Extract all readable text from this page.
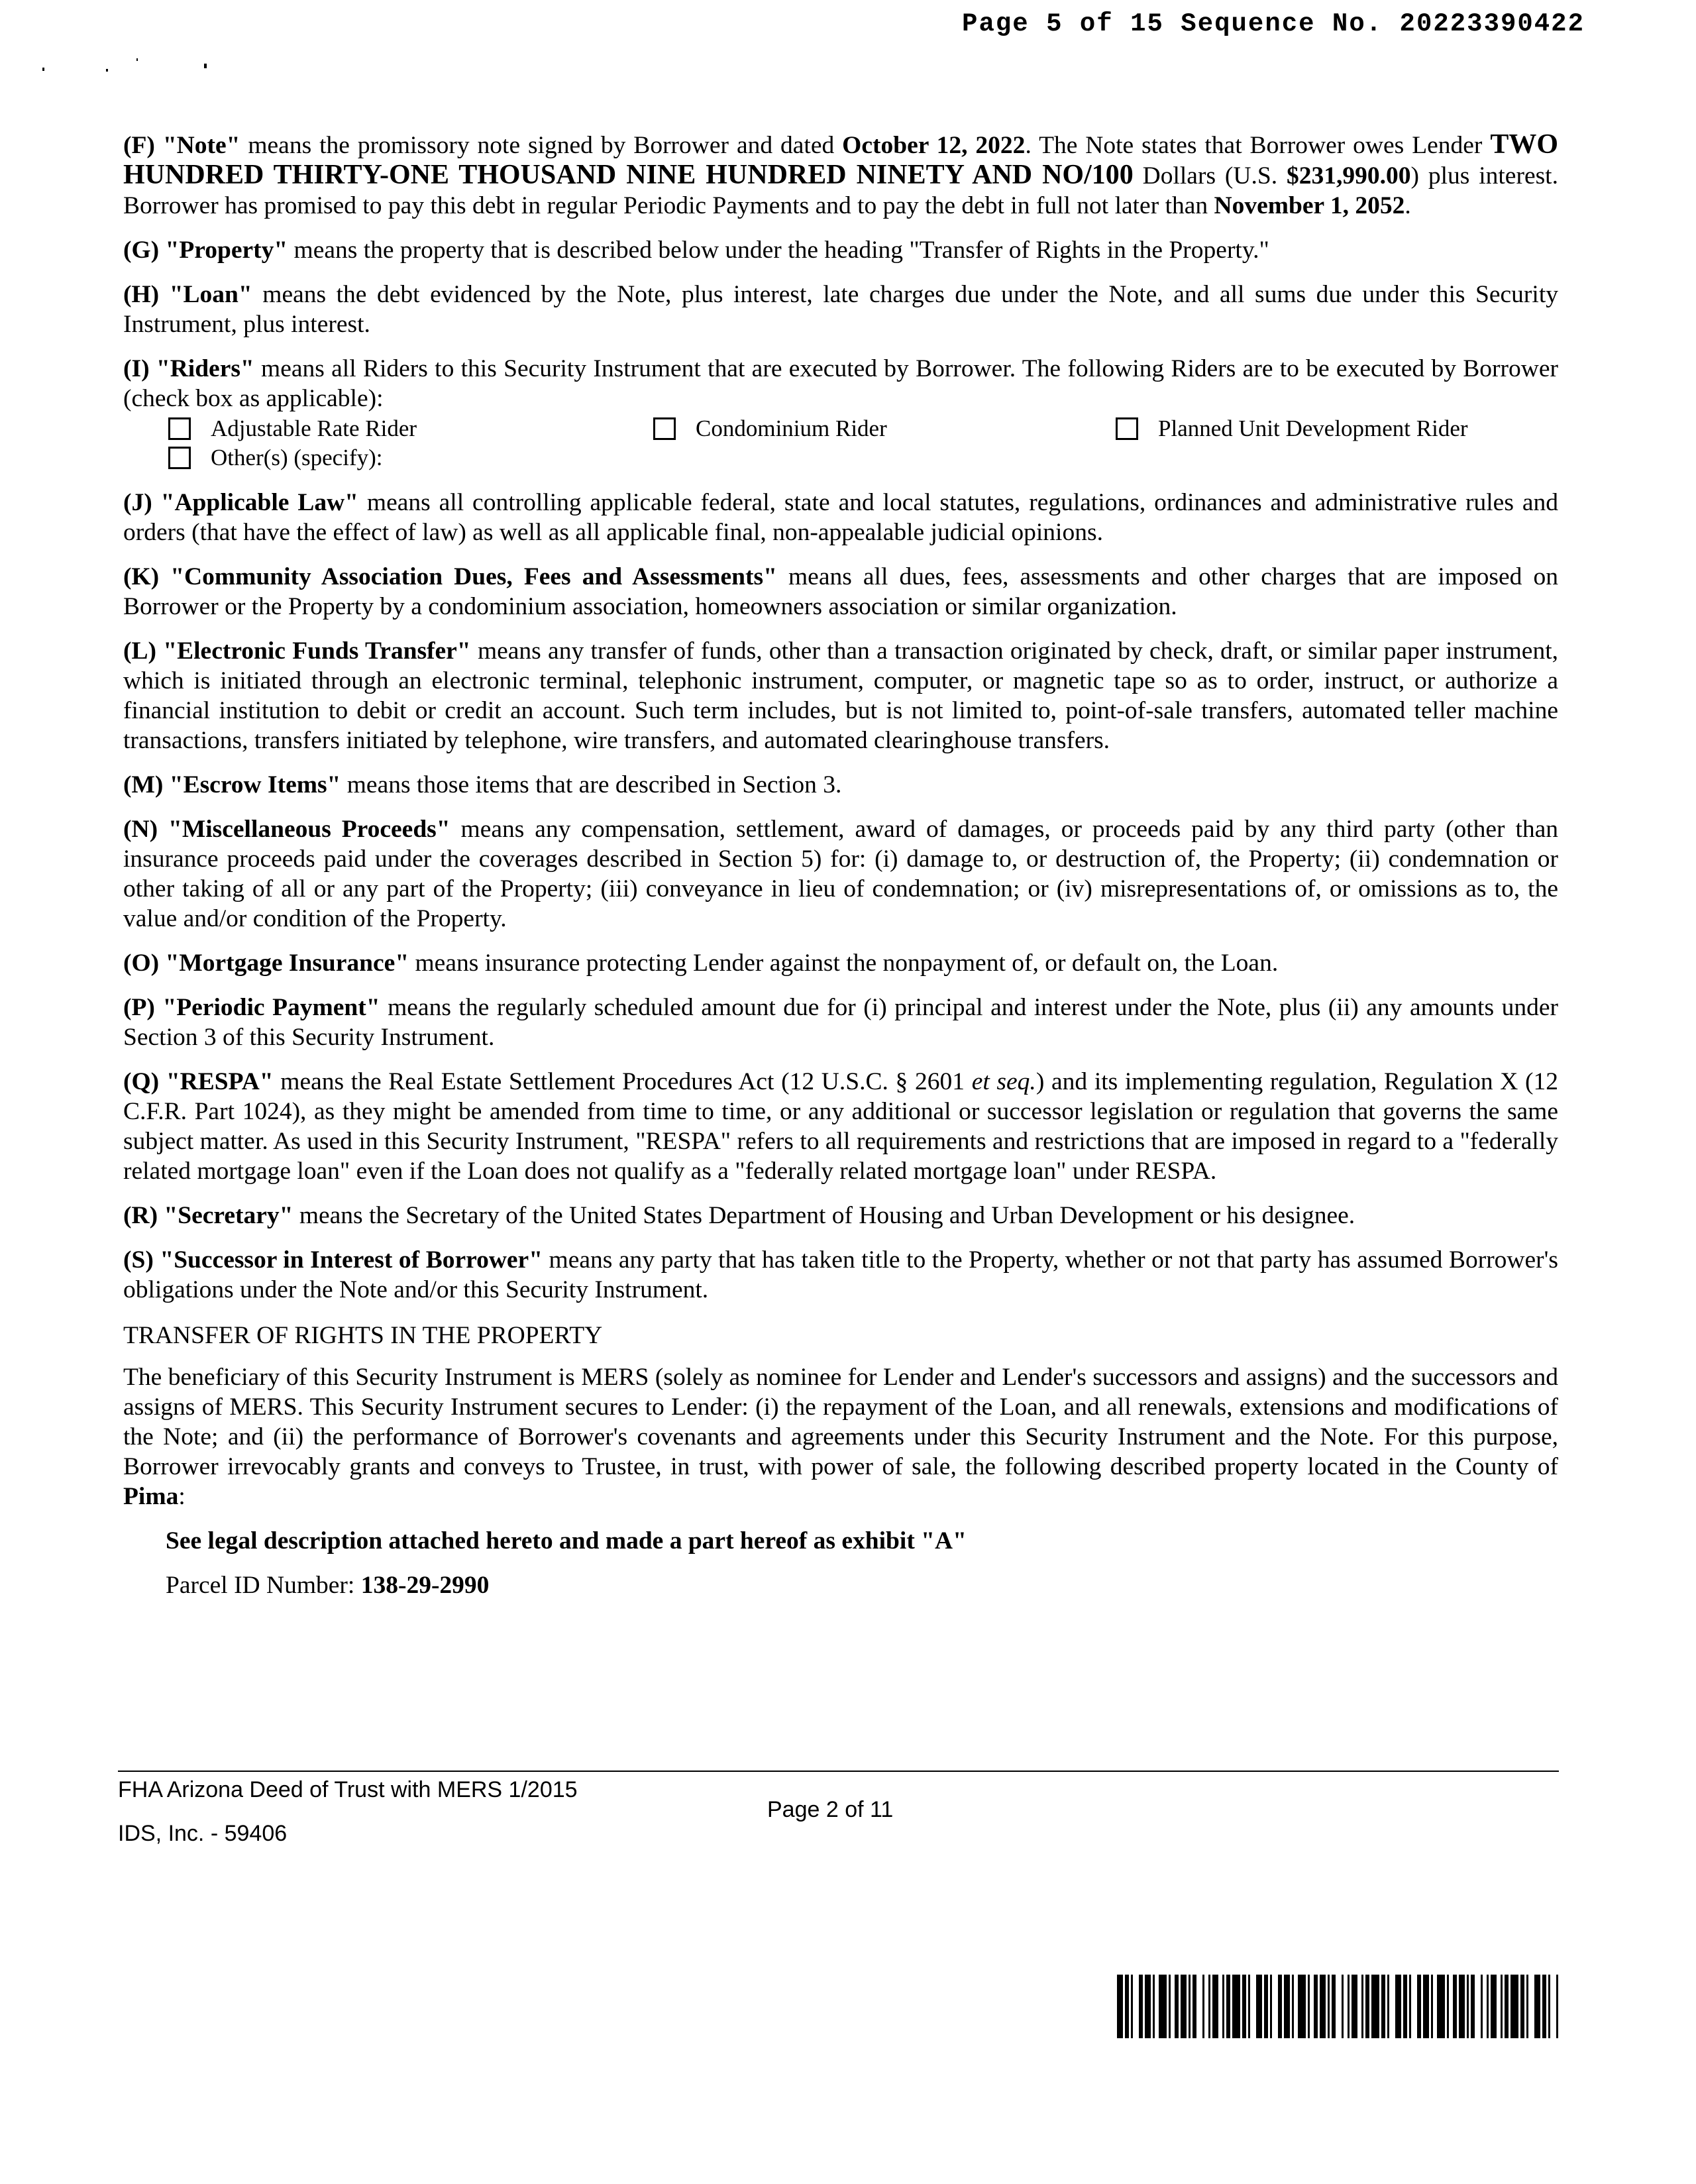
Page 5 of 15 Sequence No. 20223390422

(F) "Note" means the promissory note signed by Borrower and dated October 12, 2022. The Note states that Borrower owes Lender TWO HUNDRED THIRTY-ONE THOUSAND NINE HUNDRED NINETY AND NO/100 Dollars (U.S. $231,990.00) plus interest. Borrower has promised to pay this debt in regular Periodic Payments and to pay the debt in full not later than November 1, 2052.

(G) "Property" means the property that is described below under the heading "Transfer of Rights in the Property."

(H) "Loan" means the debt evidenced by the Note, plus interest, late charges due under the Note, and all sums due under this Security Instrument, plus interest.

(I) "Riders" means all Riders to this Security Instrument that are executed by Borrower. The following Riders are to be executed by Borrower (check box as applicable):

Adjustable Rate Rider	Condominium Rider	Planned Unit Development Rider
Other(s) (specify):

(J) "Applicable Law" means all controlling applicable federal, state and local statutes, regulations, ordinances and administrative rules and orders (that have the effect of law) as well as all applicable final, non-appealable judicial opinions.

(K) "Community Association Dues, Fees and Assessments" means all dues, fees, assessments and other charges that are imposed on Borrower or the Property by a condominium association, homeowners association or similar organization.

(L) "Electronic Funds Transfer" means any transfer of funds, other than a transaction originated by check, draft, or similar paper instrument, which is initiated through an electronic terminal, telephonic instrument, computer, or magnetic tape so as to order, instruct, or authorize a financial institution to debit or credit an account. Such term includes, but is not limited to, point-of-sale transfers, automated teller machine transactions, transfers initiated by telephone, wire transfers, and automated clearinghouse transfers.

(M) "Escrow Items" means those items that are described in Section 3.

(N) "Miscellaneous Proceeds" means any compensation, settlement, award of damages, or proceeds paid by any third party (other than insurance proceeds paid under the coverages described in Section 5) for: (i) damage to, or destruction of, the Property; (ii) condemnation or other taking of all or any part of the Property; (iii) conveyance in lieu of condemnation; or (iv) misrepresentations of, or omissions as to, the value and/or condition of the Property.

(O) "Mortgage Insurance" means insurance protecting Lender against the nonpayment of, or default on, the Loan.

(P) "Periodic Payment" means the regularly scheduled amount due for (i) principal and interest under the Note, plus (ii) any amounts under Section 3 of this Security Instrument.

(Q) "RESPA" means the Real Estate Settlement Procedures Act (12 U.S.C. § 2601 et seq.) and its implementing regulation, Regulation X (12 C.F.R. Part 1024), as they might be amended from time to time, or any additional or successor legislation or regulation that governs the same subject matter. As used in this Security Instrument, "RESPA" refers to all requirements and restrictions that are imposed in regard to a "federally related mortgage loan" even if the Loan does not qualify as a "federally related mortgage loan" under RESPA.

(R) "Secretary" means the Secretary of the United States Department of Housing and Urban Development or his designee.

(S) "Successor in Interest of Borrower" means any party that has taken title to the Property, whether or not that party has assumed Borrower's obligations under the Note and/or this Security Instrument.

TRANSFER OF RIGHTS IN THE PROPERTY

The beneficiary of this Security Instrument is MERS (solely as nominee for Lender and Lender's successors and assigns) and the successors and assigns of MERS. This Security Instrument secures to Lender: (i) the repayment of the Loan, and all renewals, extensions and modifications of the Note; and (ii) the performance of Borrower's covenants and agreements under this Security Instrument and the Note. For this purpose, Borrower irrevocably grants and conveys to Trustee, in trust, with power of sale, the following described property located in the County of Pima:

See legal description attached hereto and made a part hereof as exhibit "A"

Parcel ID Number: 138-29-2990

FHA Arizona Deed of Trust with MERS 1/2015
Page 2 of 11
IDS, Inc. - 59406
